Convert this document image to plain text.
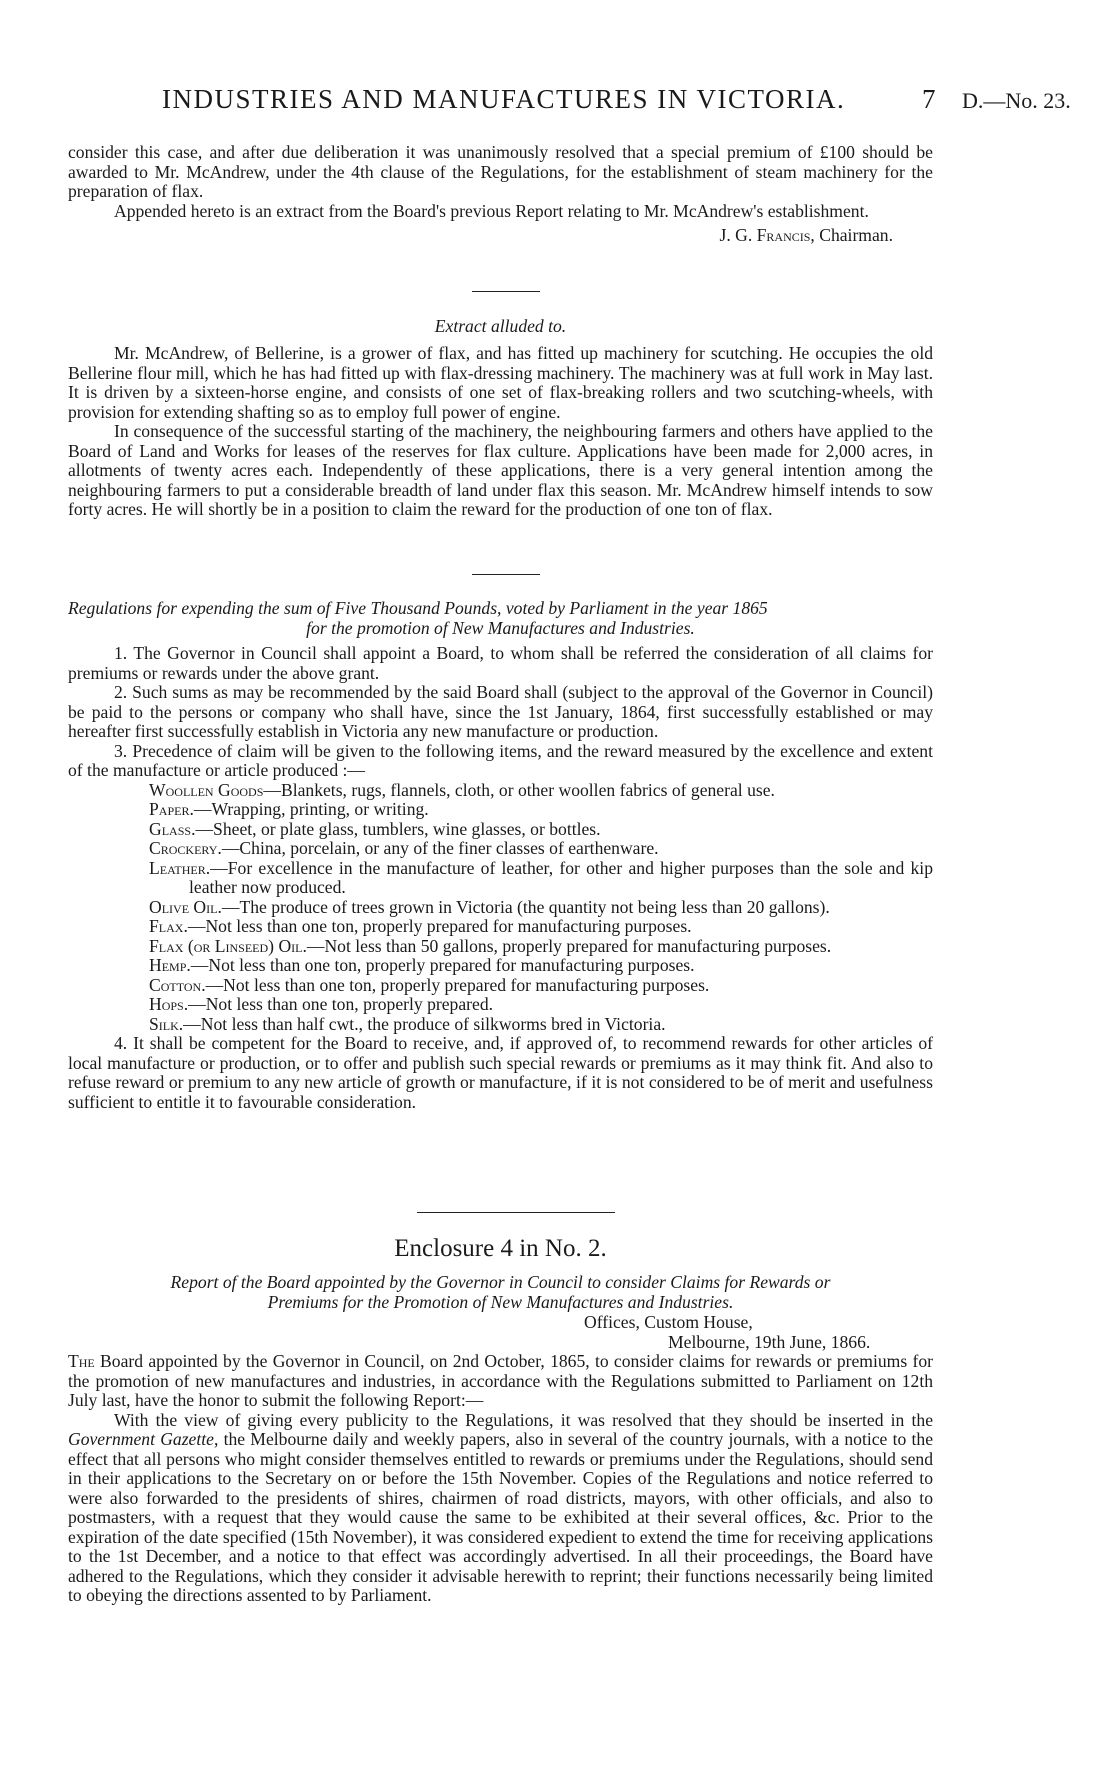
INDUSTRIES AND MANUFACTURES IN VICTORIA.	7 D.—No. 23.

consider this case, and after due deliberation it was unanimously resolved that a special premium of £100 should be awarded to Mr. McAndrew, under the 4th clause of the Regulations, for the establishment of steam machinery for the preparation of flax.

Appended hereto is an extract from the Board's previous Report relating to Mr. McAndrew's establishment.

J. G. Francis, Chairman.

Extract alluded to.

Mr. McAndrew, of Bellerine, is a grower of flax, and has fitted up machinery for scutching. He occupies the old Bellerine flour mill, which he has had fitted up with flax-dressing machinery. The machinery was at full work in May last. It is driven by a sixteen-horse engine, and consists of one set of flax-breaking rollers and two scutching-wheels, with provision for extending shafting so as to employ full power of engine.

In consequence of the successful starting of the machinery, the neighbouring farmers and others have applied to the Board of Land and Works for leases of the reserves for flax culture. Applications have been made for 2,000 acres, in allotments of twenty acres each. Independently of these applications, there is a very general intention among the neighbouring farmers to put a considerable breadth of land under flax this season. Mr. McAndrew himself intends to sow forty acres. He will shortly be in a position to claim the reward for the production of one ton of flax.

Regulations for expending the sum of Five Thousand Pounds, voted by Parliament in the year 1865

for the promotion of New Manufactures and Industries.

1. The Governor in Council shall appoint a Board, to whom shall be referred the consideration of all claims for premiums or rewards under the above grant.

2. Such sums as may be recommended by the said Board shall (subject to the approval of the Governor in Council) be paid to the persons or company who shall have, since the 1st January, 1864, first successfully established or may hereafter first successfully establish in Victoria any new manufacture or production.

3. Precedence of claim will be given to the following items, and the reward measured by the excellence and extent of the manufacture or article produced :—

Woollen Goods—Blankets, rugs, flannels, cloth, or other woollen fabrics of general use.

Paper.—Wrapping, printing, or writing.

Glass.—Sheet, or plate glass, tumblers, wine glasses, or bottles.

Crockery.—China, porcelain, or any of the finer classes of earthenware.

Leather.—For excellence in the manufacture of leather, for other and higher purposes than the sole and kip leather now produced.

Olive Oil.—The produce of trees grown in Victoria (the quantity not being less than 20 gallons).

Flax.—Not less than one ton, properly prepared for manufacturing purposes.

Flax (or Linseed) Oil.—Not less than 50 gallons, properly prepared for manufacturing purposes.

Hemp.—Not less than one ton, properly prepared for manufacturing purposes.

Cotton.—Not less than one ton, properly prepared for manufacturing purposes.

Hops.—Not less than one ton, properly prepared.

Silk.—Not less than half cwt., the produce of silkworms bred in Victoria.

4. It shall be competent for the Board to receive, and, if approved of, to recommend rewards for other articles of local manufacture or production, or to offer and publish such special rewards or premiums as it may think fit. And also to refuse reward or premium to any new article of growth or manufacture, if it is not considered to be of merit and usefulness sufficient to entitle it to favourable consideration.

Enclosure 4 in No. 2.

Report of the Board appointed by the Governor in Council to consider Claims for Rewards or

Premiums for the Promotion of New Manufactures and Industries.

Offices, Custom House,

Melbourne, 19th June, 1866.

The Board appointed by the Governor in Council, on 2nd October, 1865, to consider claims for rewards or premiums for the promotion of new manufactures and industries, in accordance with the Regulations submitted to Parliament on 12th July last, have the honor to submit the following Report:—

With the view of giving every publicity to the Regulations, it was resolved that they should be inserted in the Government Gazette, the Melbourne daily and weekly papers, also in several of the country journals, with a notice to the effect that all persons who might consider themselves entitled to rewards or premiums under the Regulations, should send in their applications to the Secretary on or before the 15th November. Copies of the Regulations and notice referred to were also forwarded to the presidents of shires, chairmen of road districts, mayors, with other officials, and also to postmasters, with a request that they would cause the same to be exhibited at their several offices, &c. Prior to the expiration of the date specified (15th November), it was considered expedient to extend the time for receiving applications to the 1st December, and a notice to that effect was accordingly advertised. In all their proceedings, the Board have adhered to the Regulations, which they consider it advisable herewith to reprint; their functions necessarily being limited to obeying the directions assented to by Parliament.
